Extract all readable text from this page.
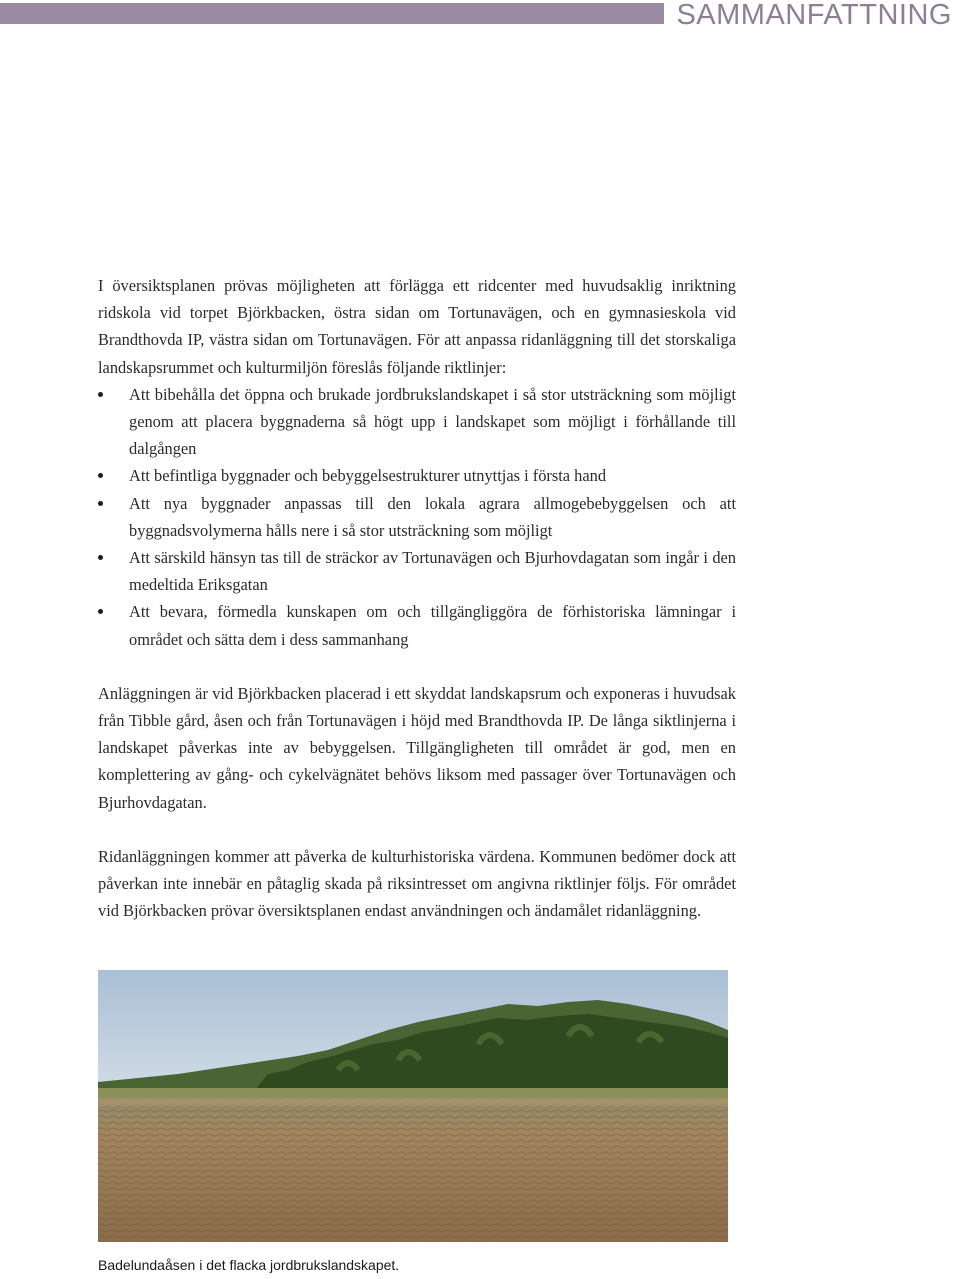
SAMMANFATTNING

I översiktsplanen prövas möjligheten att förlägga ett ridcenter med huvudsaklig inriktning ridskola vid torpet Björkbacken, östra sidan om Tortunavägen, och en gymnasieskola vid Brandthovda IP, västra sidan om Tortunavägen. För att anpassa ridanläggning till det storskaliga landskapsrummet och kulturmiljön föreslås följande riktlinjer:

Att bibehålla det öppna och brukade jordbrukslandskapet i så stor utsträckning som möjligt genom att placera byggnaderna så högt upp i landskapet som möjligt i förhållande till dalgången
Att befintliga byggnader och bebyggelsestrukturer utnyttjas i första hand
Att nya byggnader anpassas till den lokala agrara allmogebebyggelsen och att byggnadsvolymerna hålls nere i så stor utsträckning som möjligt
Att särskild hänsyn tas till de sträckor av Tortunavägen och Bjurhovdagatan som ingår i den medeltida Eriksgatan
Att bevara, förmedla kunskapen om och tillgängliggöra de förhistoriska lämningar i området och sätta dem i dess sammanhang

Anläggningen är vid Björkbacken placerad i ett skyddat landskapsrum och exponeras i huvudsak från Tibble gård, åsen och från Tortunavägen i höjd med Brandthovda IP. De långa siktlinjerna i landskapet påverkas inte av bebyggelsen. Tillgängligheten till området är god, men en komplettering av gång- och cykelvägnätet behövs liksom med passager över Tortunavägen och Bjurhovdagatan.

Ridanläggningen kommer att påverka de kulturhistoriska värdena. Kommunen bedömer dock att påverkan inte innebär en påtaglig skada på riksintresset om angivna riktlinjer följs. För området vid Björkbacken prövar översiktsplanen endast användningen och ändamålet ridanläggning.

Badelundaåsen i det flacka jordbrukslandskapet.
